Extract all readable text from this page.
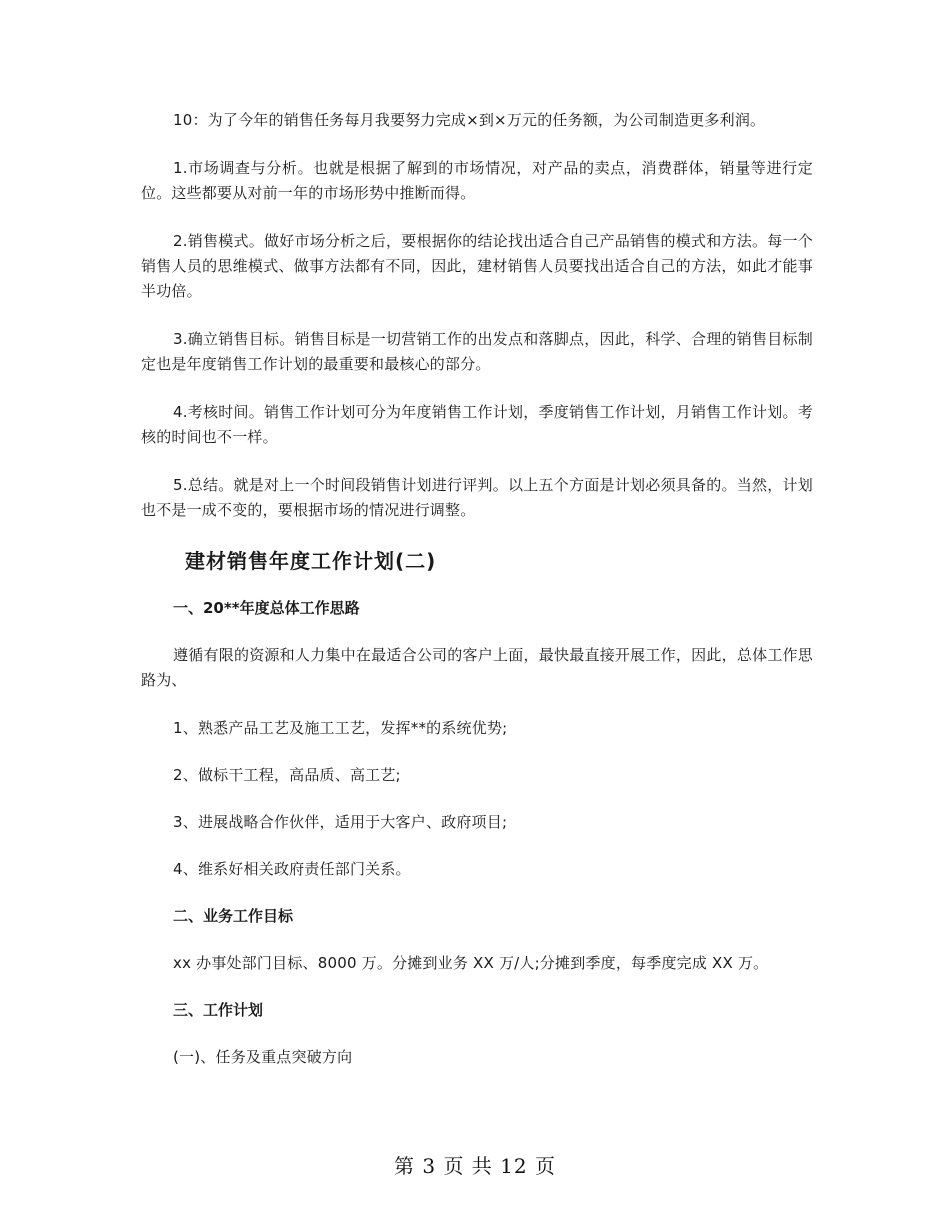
10：为了今年的销售任务每月我要努力完成×到×万元的任务额，为公司制造更多利润。

1.市场调查与分析。也就是根据了解到的市场情况，对产品的卖点，消费群体，销量等进行定位。这些都要从对前一年的市场形势中推断而得。

2.销售模式。做好市场分析之后，要根据你的结论找出适合自己产品销售的模式和方法。每一个销售人员的思维模式、做事方法都有不同，因此，建材销售人员要找出适合自己的方法，如此才能事半功倍。

3.确立销售目标。销售目标是一切营销工作的出发点和落脚点，因此，科学、合理的销售目标制定也是年度销售工作计划的最重要和最核心的部分。

4.考核时间。销售工作计划可分为年度销售工作计划，季度销售工作计划，月销售工作计划。考核的时间也不一样。

5.总结。就是对上一个时间段销售计划进行评判。以上五个方面是计划必须具备的。当然，计划也不是一成不变的，要根据市场的情况进行调整。

建材销售年度工作计划(二)

一、20**年度总体工作思路

遵循有限的资源和人力集中在最适合公司的客户上面，最快最直接开展工作，因此，总体工作思路为、

1、熟悉产品工艺及施工工艺，发挥**的系统优势;

2、做标干工程，高品质、高工艺;

3、进展战略合作伙伴，适用于大客户、政府项目;

4、维系好相关政府责任部门关系。

二、业务工作目标

xx 办事处部门目标、8000 万。分摊到业务 XX 万/人;分摊到季度，每季度完成 XX 万。

三、工作计划

(一)、任务及重点突破方向

第 3 页 共 12 页
